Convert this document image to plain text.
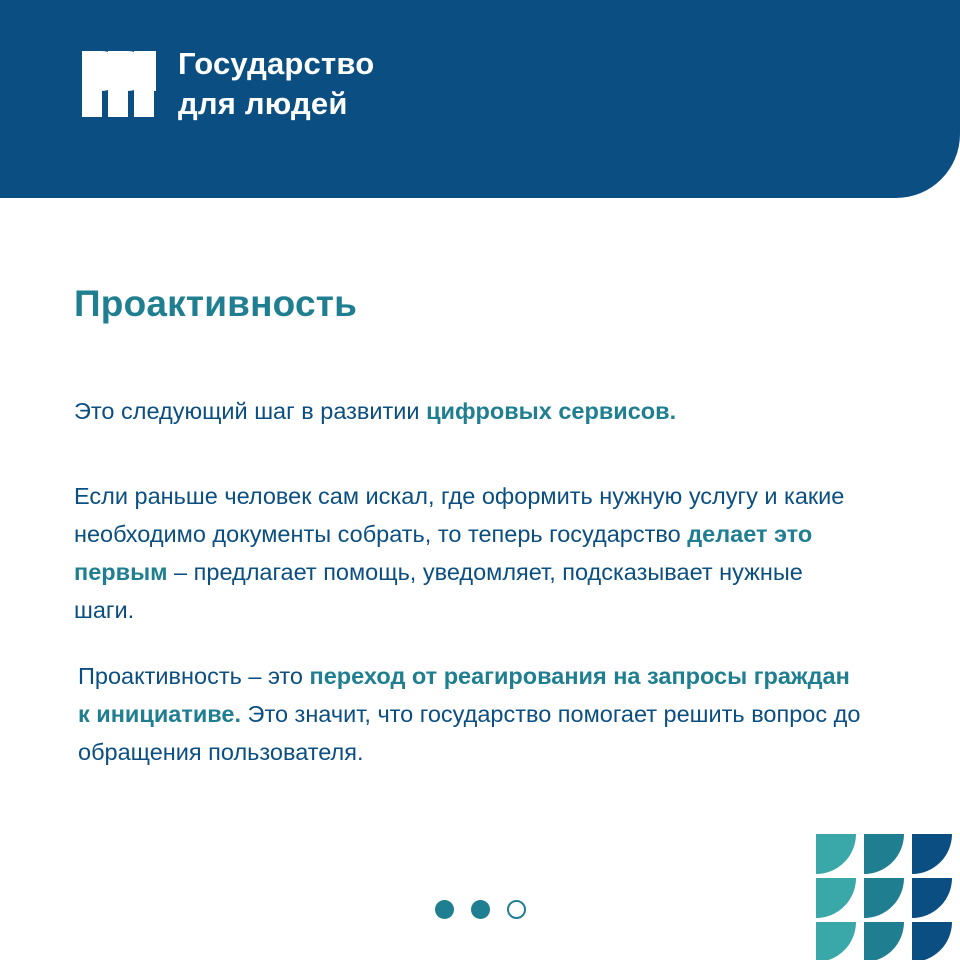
Государство
для людей
Проактивность

Это следующий шаг в развитии цифровых сервисов.

Если раньше человек сам искал, где оформить нужную услугу и какие необходимо документы собрать, то теперь государство делает это первым – предлагает помощь, уведомляет, подсказывает нужные шаги.

Проактивность – это переход от реагирования на запросы граждан к инициативе. Это значит, что государство помогает решить вопрос до обращения пользователя.
